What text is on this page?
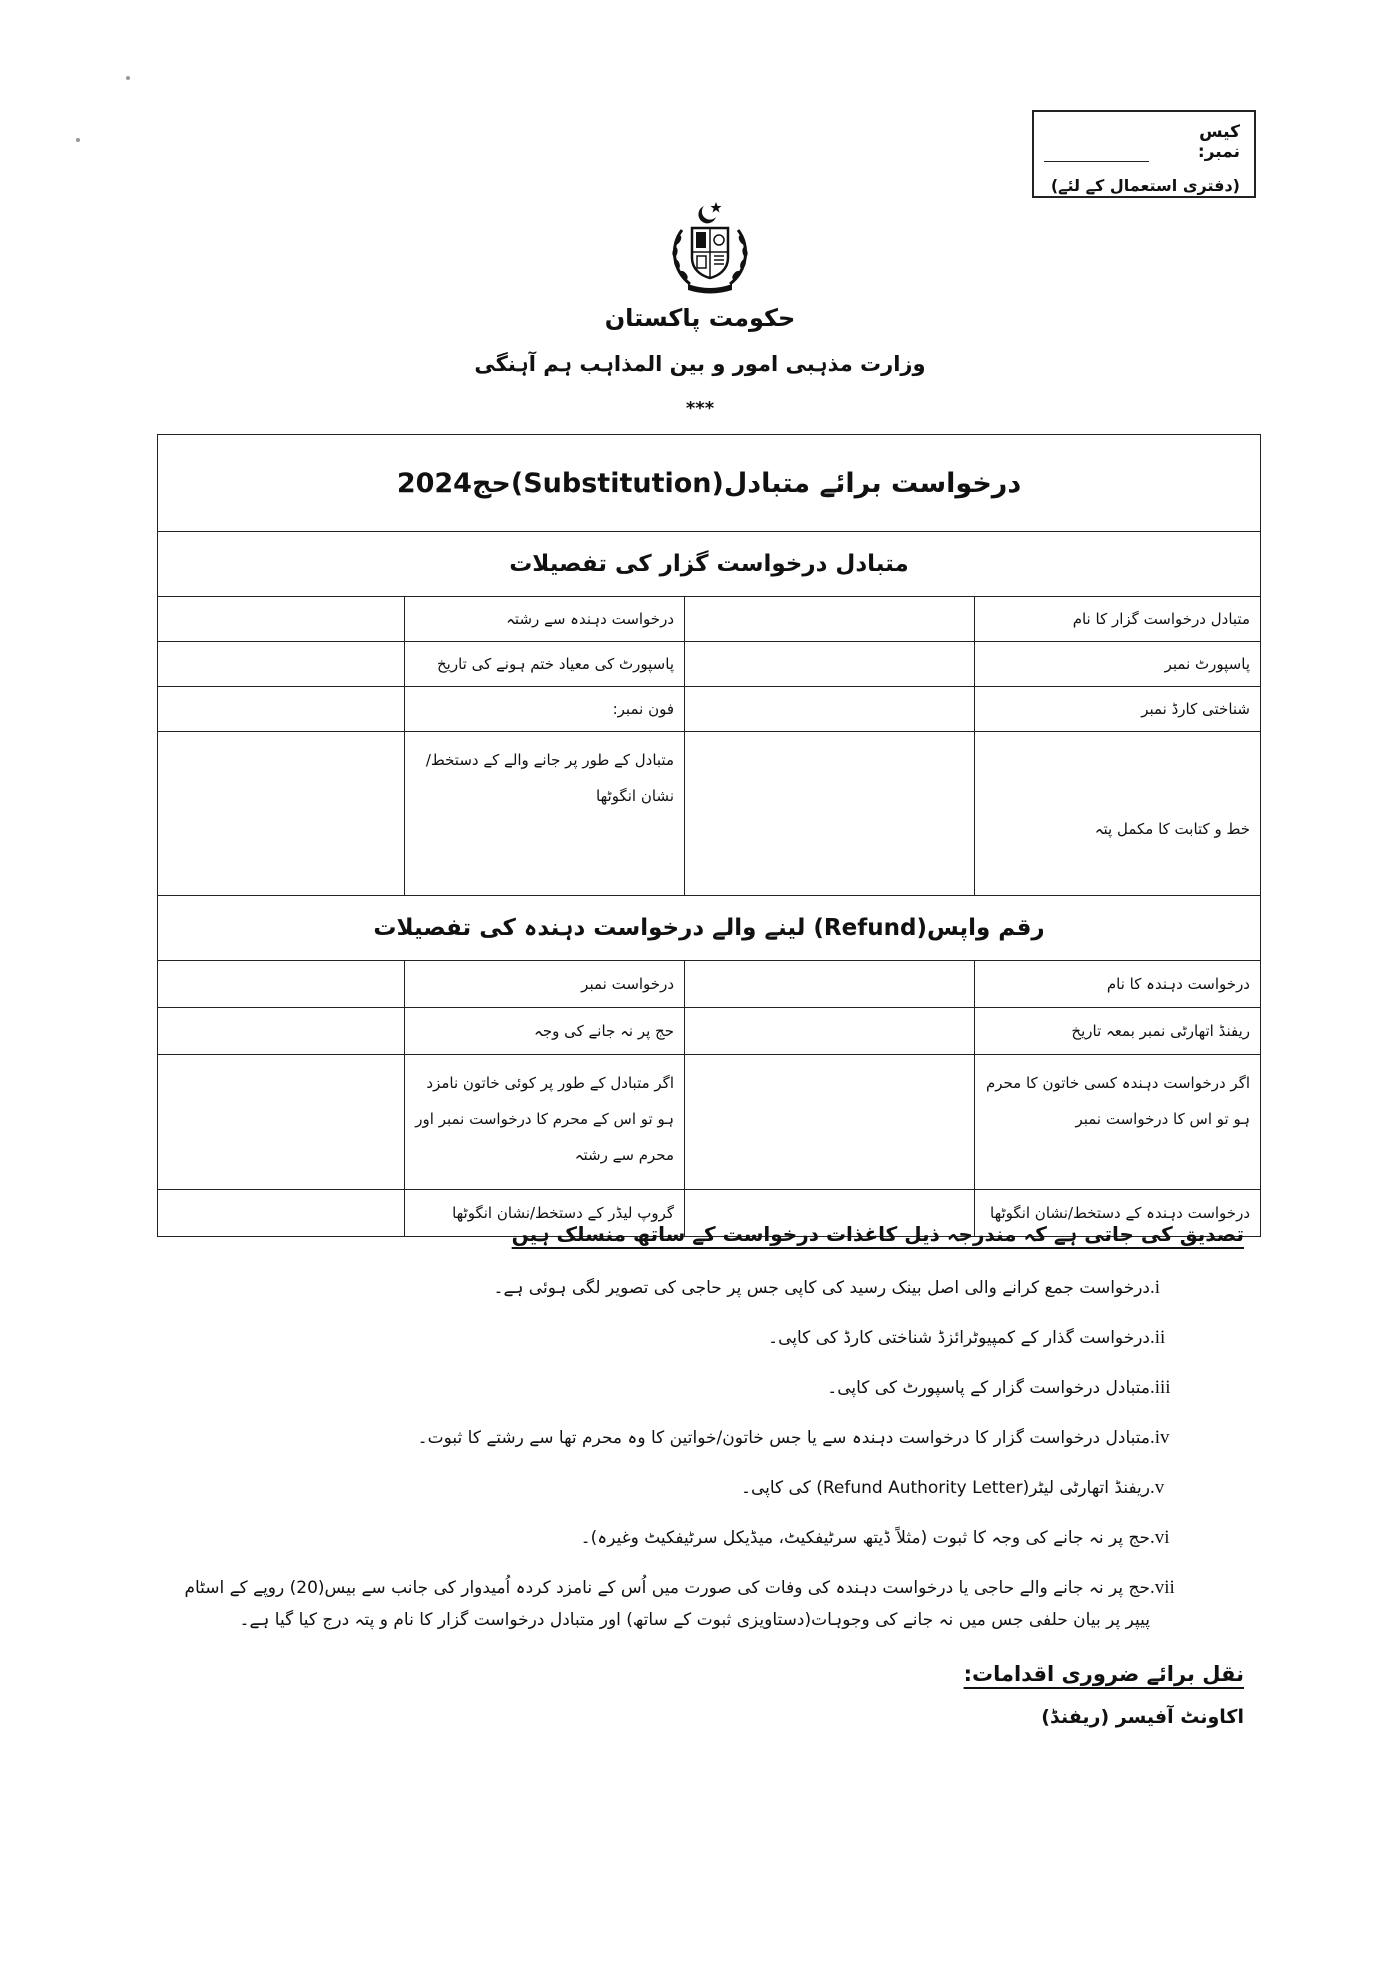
کیس نمبر:
(دفتری استعمال کے لئے)
حکومت پاکستان
وزارت مذہبی امور و بین المذاہب ہم آہنگی
***
درخواست برائے متبادل(Substitution)حج2024			
متبادل درخواست گزار کی تفصیلات			
متبادل درخواست گزار کا نام		درخواست دہندہ سے رشتہ	
پاسپورٹ نمبر		پاسپورٹ کی معیاد ختم ہونے کی تاریخ	
شناختی کارڈ نمبر		فون نمبر:	
خط و کتابت کا مکمل پتہ		متبادل کے طور پر جانے والے کے دستخط/ نشان انگوٹھا	
رقم واپس(Refund) لینے والے درخواست دہندہ کی تفصیلات			
درخواست دہندہ کا نام		درخواست نمبر	
ریفنڈ اتھارٹی نمبر بمعہ تاریخ		حج پر نہ جانے کی وجہ	
اگر درخواست دہندہ کسی خاتون کا محرم ہو تو اس کا درخواست نمبر		اگر متبادل کے طور پر کوئی خاتون نامزد ہو تو اس کے محرم کا درخواست نمبر اور محرم سے رشتہ	
درخواست دہندہ کے دستخط/نشان انگوٹھا		گروپ لیڈر کے دستخط/نشان انگوٹھا	
تصدیق کی جاتی ہے کہ مندرجہ ذیل کاغذات درخواست کے ساتھ منسلک ہیں
.i
درخواست جمع کرانے والی اصل بینک رسید کی کاپی جس پر حاجی کی تصویر لگی ہوئی ہے۔
.ii
درخواست گذار کے کمپیوٹرائزڈ شناختی کارڈ کی کاپی۔
.iii
متبادل درخواست گزار کے پاسپورٹ کی کاپی۔
.iv
متبادل درخواست گزار کا درخواست دہندہ سے یا جس خاتون/خواتین کا وہ محرم تھا سے رشتے کا ثبوت۔
.v
ریفنڈ اتھارٹی لیٹر(Refund Authority Letter) کی کاپی۔
.vi
حج پر نہ جانے کی وجہ کا ثبوت (مثلاً ڈیتھ سرٹیفکیٹ، میڈیکل سرٹیفکیٹ وغیرہ)۔
.vii
حج پر نہ جانے والے حاجی یا درخواست دہندہ کی وفات کی صورت میں اُس کے نامزد کردہ اُمیدوار کی جانب سے بیس(20) روپے کے اسٹام پیپر پر بیان حلفی جس میں نہ جانے کی وجوہات(دستاویزی ثبوت کے ساتھ) اور متبادل درخواست گزار کا نام و پتہ درج کیا گیا ہے۔
نقل برائے ضروری اقدامات:
اکاونٹ آفیسر (ریفنڈ)
